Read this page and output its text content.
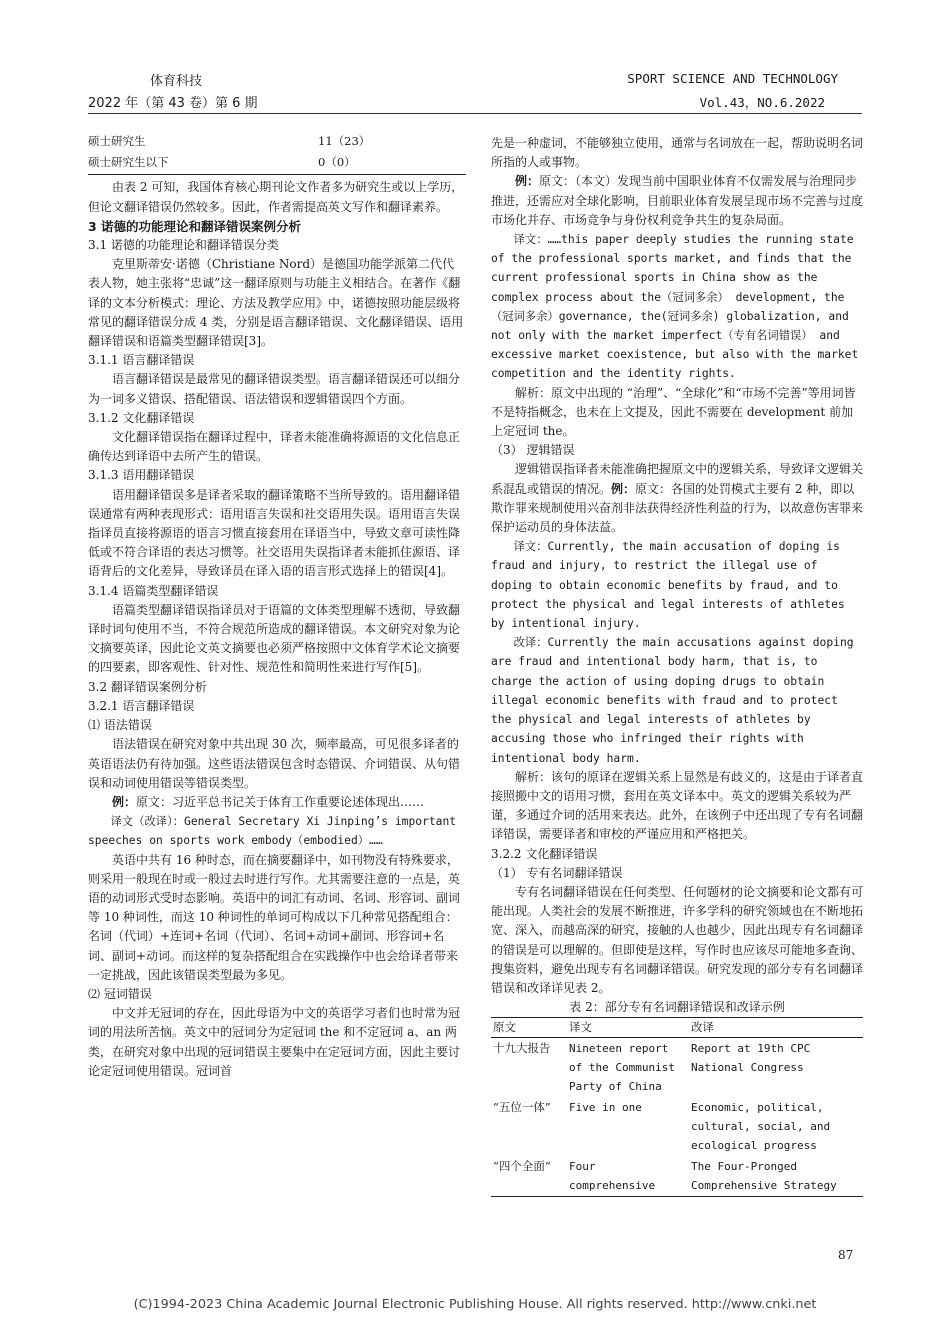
体育科技
2022 年（第 43 卷）第 6 期
SPORT SCIENCE AND TECHNOLOGY
Vol.43，NO.6.2022
硕士研究生	11（23）
硕士研究生以下	0（0）

由表 2 可知，我国体育核心期刊论文作者多为研究生或以上学历，但论文翻译错误仍然较多。因此，作者需提高英文写作和翻译素养。

3 诺德的功能理论和翻译错误案例分析

3.1 诺德的功能理论和翻译错误分类

克里斯蒂安·诺德（Christiane Nord）是德国功能学派第二代代表人物，她主张将“忠诚”这一翻译原则与功能主义相结合。在著作《翻译的文本分析模式：理论、方法及教学应用》中，诺德按照功能层级将常见的翻译错误分成 4 类，分别是语言翻译错误、文化翻译错误、语用翻译错误和语篇类型翻译错误[3]。

3.1.1 语言翻译错误

语言翻译错误是最常见的翻译错误类型。语言翻译错误还可以细分为一词多义错误、搭配错误、语法错误和逻辑错误四个方面。

3.1.2 文化翻译错误

文化翻译错误指在翻译过程中，译者未能准确将源语的文化信息正确传达到译语中去所产生的错误。

3.1.3 语用翻译错误

语用翻译错误多是译者采取的翻译策略不当所导致的。语用翻译错误通常有两种表现形式：语用语言失误和社交语用失误。语用语言失误指译员直接将源语的语言习惯直接套用在译语当中，导致文章可读性降低或不符合译语的表达习惯等。社交语用失误指译者未能抓住源语、译语背后的文化差异，导致译员在译入语的语言形式选择上的错误[4]。

3.1.4 语篇类型翻译错误

语篇类型翻译错误指译员对于语篇的文体类型理解不透彻，导致翻译时词句使用不当，不符合规范所造成的翻译错误。本文研究对象为论文摘要英译，因此论文英文摘要也必须严格按照中文体育学术论文摘要的四要素，即客观性、针对性、规范性和简明性来进行写作[5]。

3.2 翻译错误案例分析

3.2.1 语言翻译错误

⑴ 语法错误

语法错误在研究对象中共出现 30 次，频率最高，可见很多译者的英语语法仍有待加强。这些语法错误包含时态错误、介词错误、从句错误和动词使用错误等错误类型。

例：原文：习近平总书记关于体育工作重要论述体现出……

译文（改译）：General Secretary Xi Jinping’s important speeches on sports work embody（embodied）……

英语中共有 16 种时态，而在摘要翻译中，如刊物没有特殊要求，则采用一般现在时或一般过去时进行写作。尤其需要注意的一点是，英语的动词形式受时态影响。英语中的词汇有动词、名词、形容词、副词等 10 种词性，而这 10 种词性的单词可构成以下几种常见搭配组合：名词（代词）+连词+名词（代词）、名词+动词+副词、形容词+名词、副词+动词。而这样的复杂搭配组合在实践操作中也会给译者带来一定挑战，因此该错误类型最为多见。

⑵ 冠词错误

中文并无冠词的存在，因此母语为中文的英语学习者们也时常为冠词的用法所苦恼。英文中的冠词分为定冠词 the 和不定冠词 a、an 两类，在研究对象中出现的冠词错误主要集中在定冠词方面，因此主要讨论定冠词使用错误。冠词首

先是一种虚词，不能够独立使用，通常与名词放在一起，帮助说明名词所指的人或事物。

例：原文：（本文）发现当前中国职业体育不仅需发展与治理同步推进，还需应对全球化影响，目前职业体育发展呈现市场不完善与过度市场化并存、市场竞争与身份权利竞争共生的复杂局面。

译文：……this paper deeply studies the running state of the professional sports market, and finds that the current professional sports in China show as the complex process about the（冠词多余） development, the（冠词多余）governance, the(冠词多余) globalization, and not only with the market imperfect（专有名词错误） and excessive market coexistence, but also with the market competition and the identity rights.

解析：原文中出现的 “治理”、“全球化”和“市场不完善”等用词皆不是特指概念，也未在上文提及，因此不需要在 development 前加上定冠词 the。

（3） 逻辑错误

逻辑错误指译者未能准确把握原文中的逻辑关系，导致译文逻辑关系混乱或错误的情况。例：原文：各国的处罚模式主要有 2 种，即以欺诈罪来规制使用兴奋剂非法获得经济性利益的行为，以故意伤害罪来保护运动员的身体法益。

译文：Currently, the main accusation of doping is fraud and injury, to restrict the illegal use of doping to obtain economic benefits by fraud, and to protect the physical and legal interests of athletes by intentional injury.

改译：Currently the main accusations against doping are fraud and intentional body harm, that is, to charge the action of using doping drugs to obtain illegal economic benefits with fraud and to protect the physical and legal interests of athletes by accusing those who infringed their rights with intentional body harm.

解析：该句的原译在逻辑关系上显然是有歧义的，这是由于译者直接照搬中文的语用习惯，套用在英文译本中。英文的逻辑关系较为严谨，多通过介词的活用来表达。此外，在该例子中还出现了专有名词翻译错误，需要译者和审校的严谨应用和严格把关。

3.2.2 文化翻译错误

（1） 专有名词翻译错误

专有名词翻译错误在任何类型、任何题材的论文摘要和论文都有可能出现。人类社会的发展不断推进，许多学科的研究领域也在不断地拓宽、深入，而越高深的研究，接触的人也越少，因此出现专有名词翻译的错误是可以理解的。但即使是这样，写作时也应该尽可能地多查询、搜集资料，避免出现专有名词翻译错误。研究发现的部分专有名词翻译错误和改译详见表 2。

表 2：部分专有名词翻译错误和改译示例

原文	译文	改译
十九大报告	Nineteen report of the Communist Party of China	Report at 19th CPC National Congress
“五位一体”	Five in one	Economic, political, cultural, social, and ecological progress
“四个全面”	Four comprehensive	The Four-Pronged Comprehensive Strategy
87
(C)1994-2023 China Academic Journal Electronic Publishing House. All rights reserved. http://www.cnki.net
